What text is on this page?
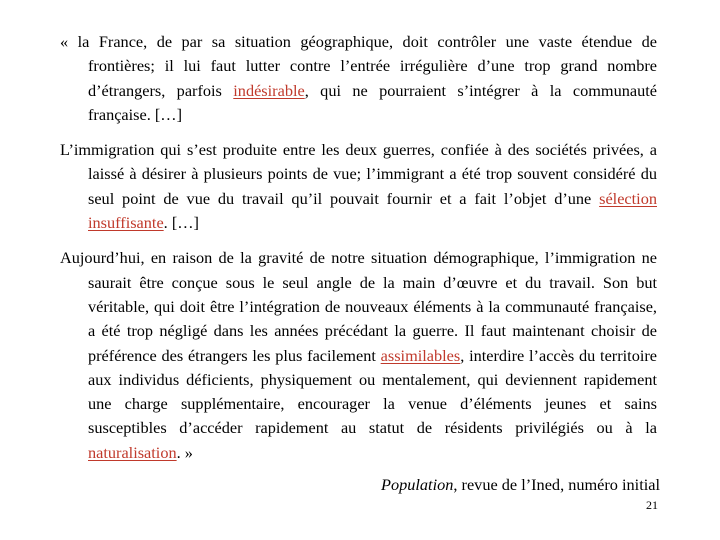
« la France, de par sa situation géographique, doit contrôler une vaste étendue de frontières; il lui faut lutter contre l’entrée irrégulière d’une trop grand nombre d’étrangers, parfois indésirable, qui ne pourraient s’intégrer à la communauté française. […]

L’immigration qui s’est produite entre les deux guerres, confiée à des sociétés privées, a laissé à désirer à plusieurs points de vue; l’immigrant a été trop souvent considéré du seul point de vue du travail qu’il pouvait fournir et a fait l’objet d’une sélection insuffisante. […]

Aujourd’hui, en raison de la gravité de notre situation démographique, l’immigration ne saurait être conçue sous le seul angle de la main d’œuvre et du travail. Son but véritable, qui doit être l’intégration de nouveaux éléments à la communauté française, a été trop négligé dans les années précédant la guerre. Il faut maintenant choisir de préférence des étrangers les plus facilement assimilables, interdire l’accès du territoire aux individus déficients, physiquement ou mentalement, qui deviennent rapidement une charge supplémentaire, encourager la venue d’éléments jeunes et sains susceptibles d’accéder rapidement au statut de résidents privilégiés ou à la naturalisation. »

Population, revue de l’Ined, numéro initial
21
